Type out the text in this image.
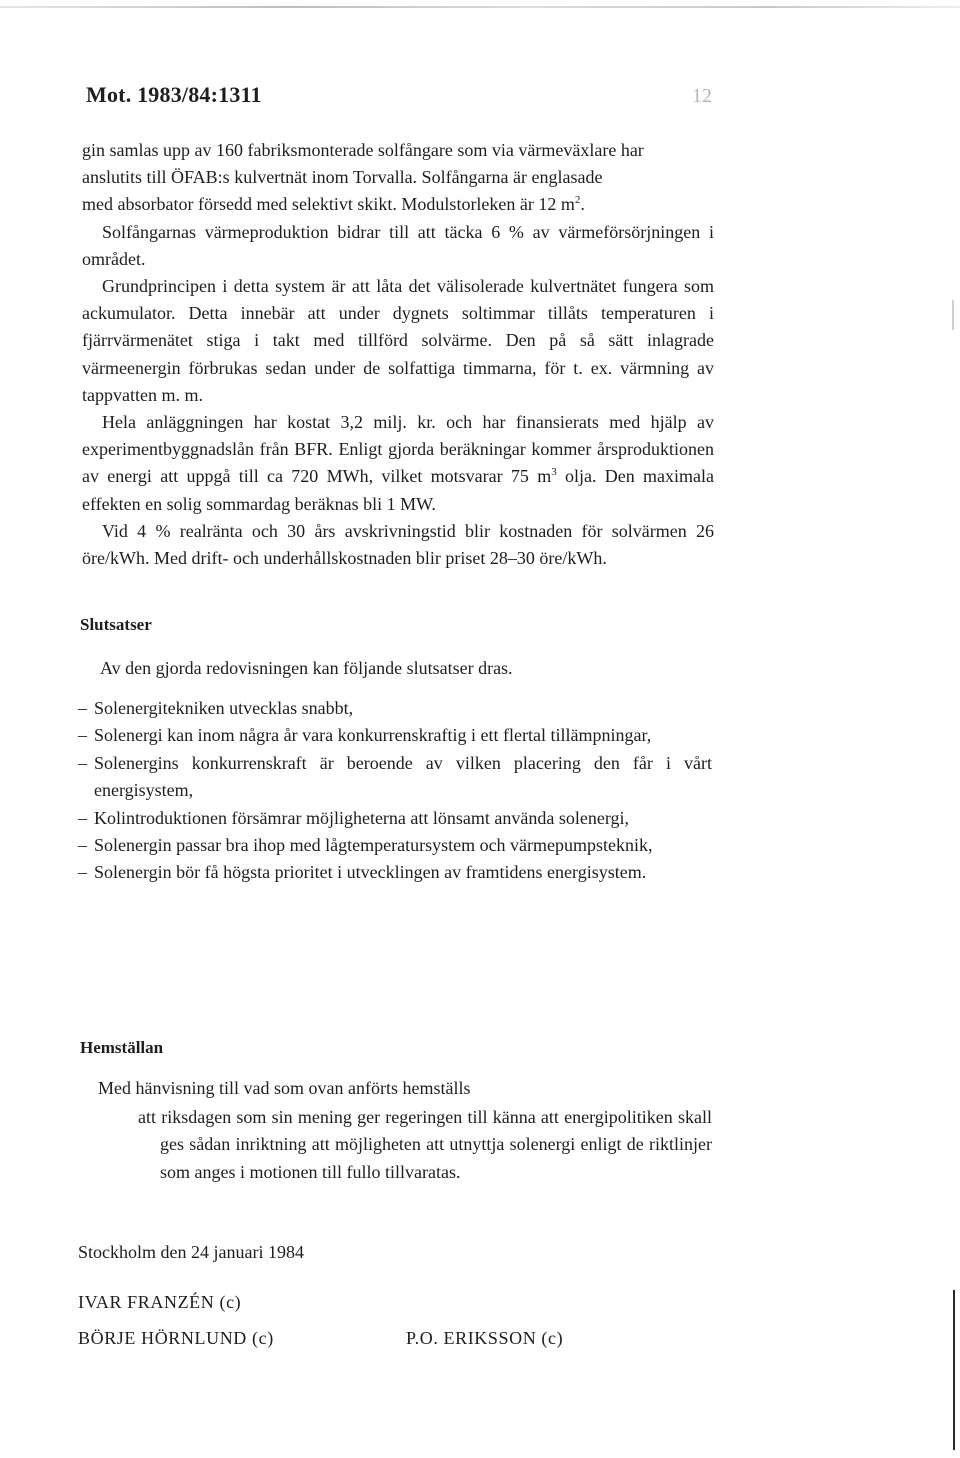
Mot. 1983/84:1311	12

gin samlas upp av 160 fabriksmonterade solfångare som via värmeväxlare har
anslutits till ÖFAB:s kulvertnät inom Torvalla. Solfångarna är englasade
med absorbator försedd med selektivt skikt. Modulstorleken är 12 $m^2$.

Solfångarnas värmeproduktion bidrar till att täcka 6 % av värmeförsörjningen i området.

Grundprincipen i detta system är att låta det välisolerade kulvertnätet fungera som ackumulator. Detta innebär att under dygnets soltimmar tillåts temperaturen i fjärrvärmenätet stiga i takt med tillförd solvärme. Den på så sätt inlagrade värmeenergin förbrukas sedan under de solfattiga timmarna, för t. ex. värmning av tappvatten m. m.

Hela anläggningen har kostat 3,2 milj. kr. och har finansierats med hjälp av experimentbyggnadslån från BFR. Enligt gjorda beräkningar kommer årsproduktionen av energi att uppgå till ca 720 MWh, vilket motsvarar 75 $m^3$ olja. Den maximala effekten en solig sommardag beräknas bli 1 MW.

Vid 4 % realränta och 30 års avskrivningstid blir kostnaden för solvärmen 26 öre/kWh. Med drift- och underhållskostnaden blir priset 28–30 öre/kWh.

Slutsatser
Av den gjorda redovisningen kan följande slutsatser dras.
– Solenergitekniken utvecklas snabbt,
– Solenergi kan inom några år vara konkurrenskraftig i ett flertal tillämpningar,
– Solenergins konkurrenskraft är beroende av vilken placering den får i vårt energisystem,
– Kolintroduktionen försämrar möjligheterna att lönsamt använda solenergi,
– Solenergin passar bra ihop med lågtemperatursystem och värmepumpsteknik,
– Solenergin bör få högsta prioritet i utvecklingen av framtidens energisystem.
Hemställan
Med hänvisning till vad som ovan anförts hemställs
att riksdagen som sin mening ger regeringen till känna att energipolitiken skall ges sådan inriktning att möjligheten att utnyttja solenergi enligt de riktlinjer som anges i motionen till fullo tillvaratas.
Stockholm den 24 januari 1984
IVAR FRANZÉN (c)
BÖRJE HÖRNLUND (c)	P.O. ERIKSSON (c)
